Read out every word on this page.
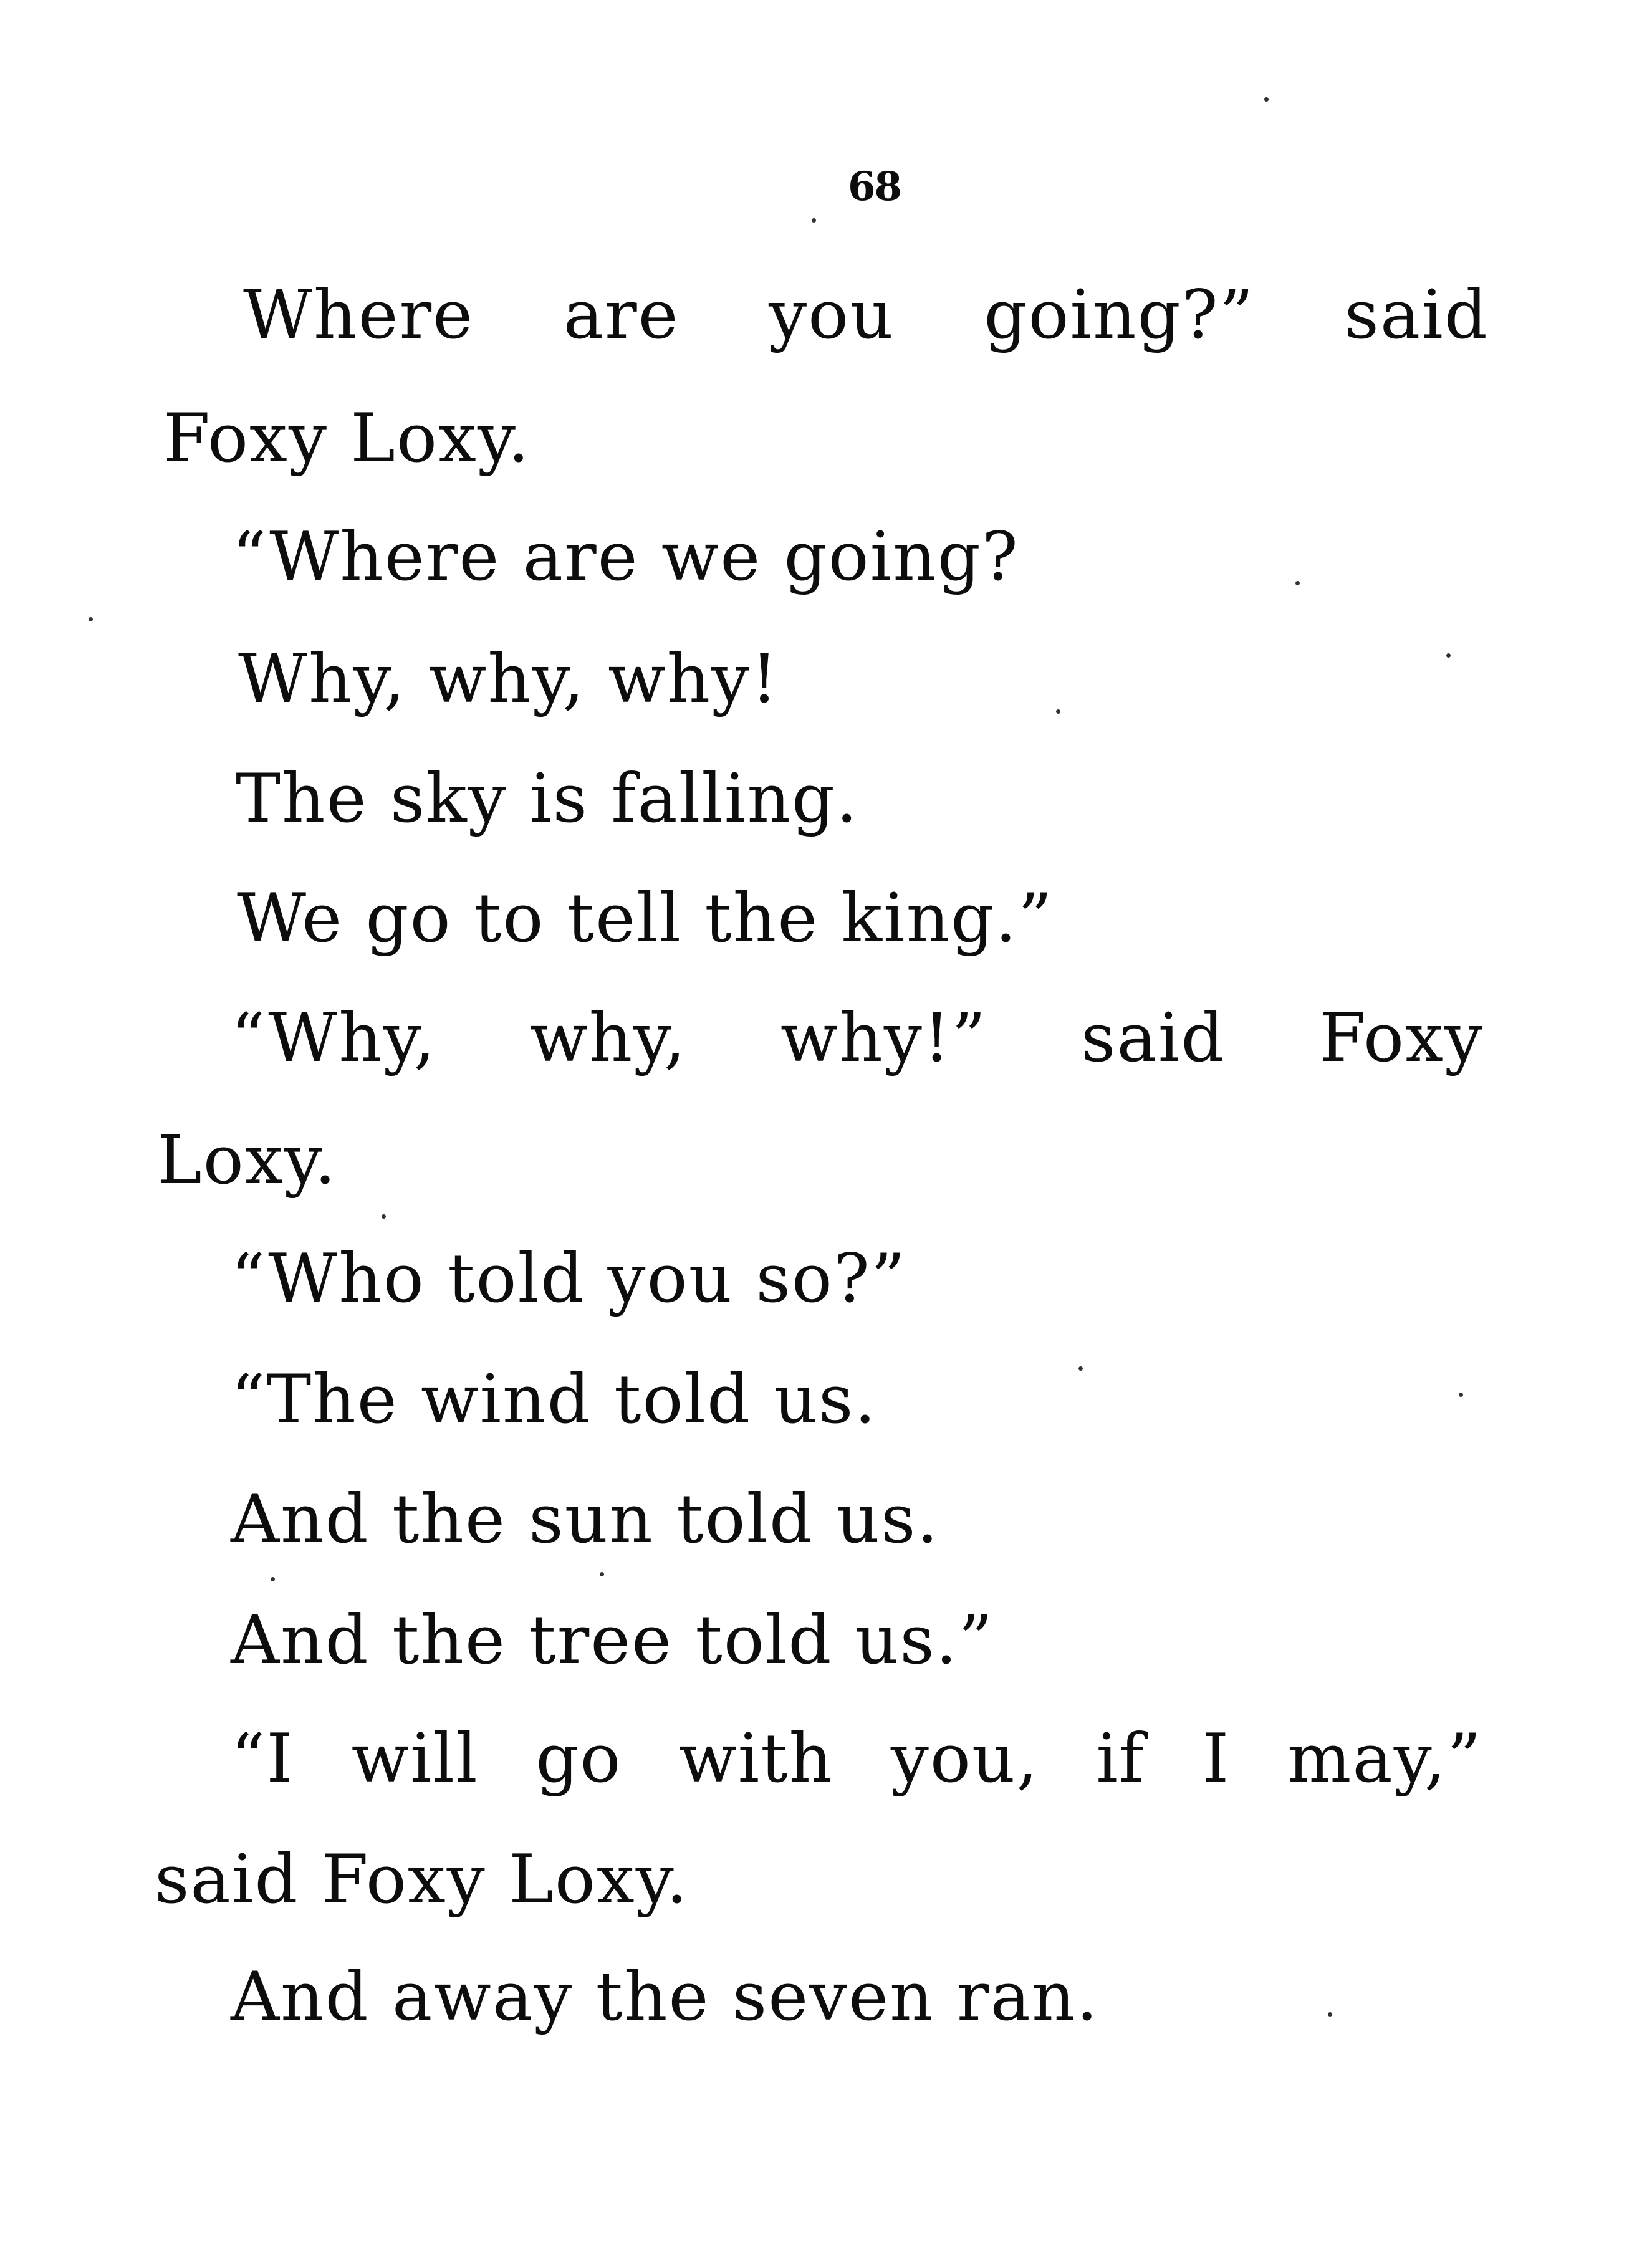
68
Where are you going?” said
Foxy Loxy.
“Where are we going?
Why, why, why!
The sky is falling.
We go to tell the king.”
“Why, why, why!” said Foxy
Loxy.
“Who told you so?”
“The wind told us.
And the sun told us.
And the tree told us.”
“I will go with you, if I may,”
said Foxy Loxy.
And away the seven ran.
